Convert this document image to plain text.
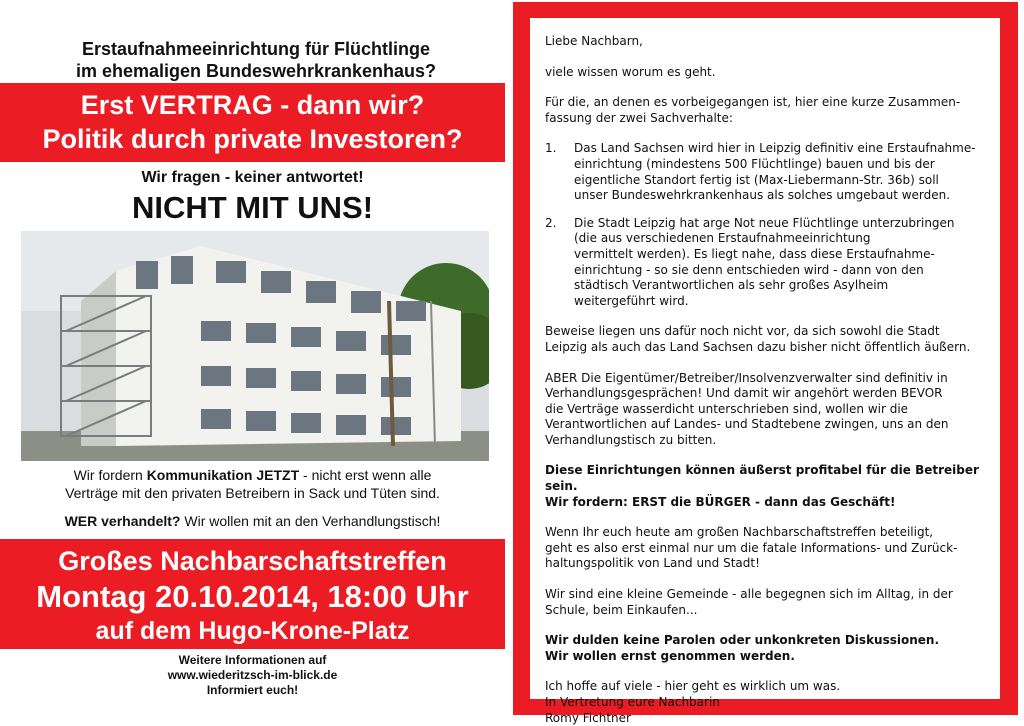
Erstaufnahmeeinrichtung für Flüchtlinge
im ehemaligen Bundeswehrkrankenhaus?
Erst VERTRAG - dann wir?
Politik durch private Investoren?
Wir fragen - keiner antwortet!
NICHT MIT UNS!
Wir fordern Kommunikation JETZT - nicht erst wenn alle
Verträge mit den privaten Betreibern in Sack und Tüten sind.
WER verhandelt? Wir wollen mit an den Verhandlungstisch!
Großes Nachbarschaftstreffen
Montag 20.10.2014, 18:00 Uhr
auf dem Hugo-Krone-Platz
Weitere Informationen auf
www.wiederitzsch-im-blick.de
Informiert euch!

Liebe Nachbarn,

viele wissen worum es geht.

Für die, an denen es vorbeigegangen ist, hier eine kurze Zusammen-
fassung der zwei Sachverhalte:

1.	Das Land Sachsen wird hier in Leipzig definitiv eine Erstaufnahme-
einrichtung (mindestens 500 Flüchtlinge) bauen und bis der
eigentliche Standort fertig ist (Max-Liebermann-Str. 36b) soll
unser Bundeswehrkrankenhaus als solches umgebaut werden.
2.	Die Stadt Leipzig hat arge Not neue Flüchtlinge unterzubringen
(die aus verschiedenen Erstaufnahmeeinrichtung
vermittelt werden). Es liegt nahe, dass diese Erstaufnahme-
einrichtung - so sie denn entschieden wird - dann von den
städtisch Verantwortlichen als sehr großes Asylheim
weitergeführt wird.

Beweise liegen uns dafür noch nicht vor, da sich sowohl die Stadt
Leipzig als auch das Land Sachsen dazu bisher nicht öffentlich äußern.

ABER Die Eigentümer/Betreiber/Insolvenzverwalter sind definitiv in
Verhandlungsgesprächen! Und damit wir angehört werden BEVOR
die Verträge wasserdicht unterschrieben sind, wollen wir die
Verantwortlichen auf Landes- und Stadtebene zwingen, uns an den
Verhandlungstisch zu bitten.

Diese Einrichtungen können äußerst profitabel für die Betreiber sein.
Wir fordern: ERST die BÜRGER - dann das Geschäft!

Wenn Ihr euch heute am großen Nachbarschaftstreffen beteiligt,
geht es also erst einmal nur um die fatale Informations- und Zurück-
haltungspolitik von Land und Stadt!

Wir sind eine kleine Gemeinde - alle begegnen sich im Alltag, in der
Schule, beim Einkaufen...

Wir dulden keine Parolen oder unkonkreten Diskussionen.
Wir wollen ernst genommen werden.

Ich hoffe auf viele - hier geht es wirklich um was.
In Vertretung eure Nachbarin
Romy Fichtner
